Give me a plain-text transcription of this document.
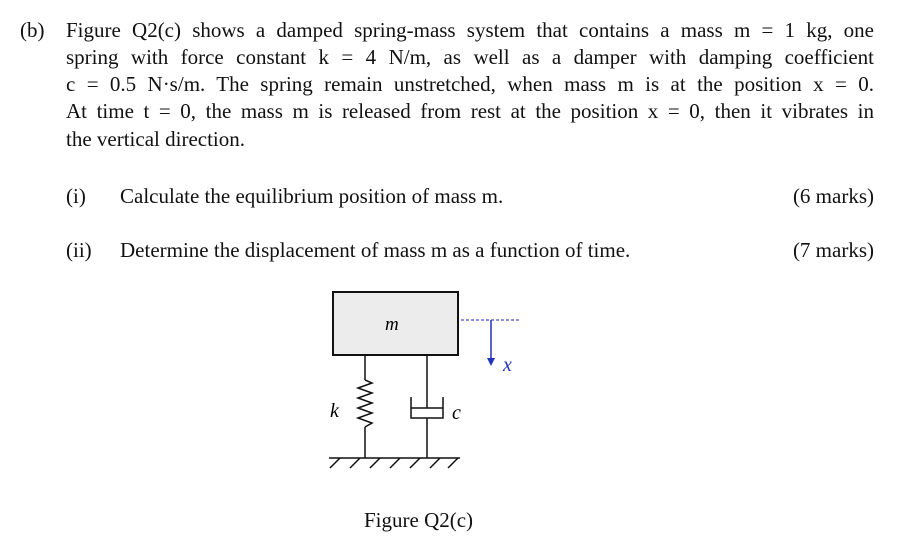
(b) Figure Q2(c) shows a damped spring-mass system that contains a mass m = 1 kg, one
spring with force constant k = 4 N/m, as well as a damper with damping coefficient
c = 0.5 N·s/m. The spring remain unstretched, when mass m is at the position x = 0.
At time t = 0, the mass m is released from rest at the position x = 0, then it vibrates in
the vertical direction.
(i) Calculate the equilibrium position of mass m.	(6 marks)
(ii) Determine the displacement of mass m as a function of time.	(7 marks)
m
k	c
x
Figure Q2(c)
